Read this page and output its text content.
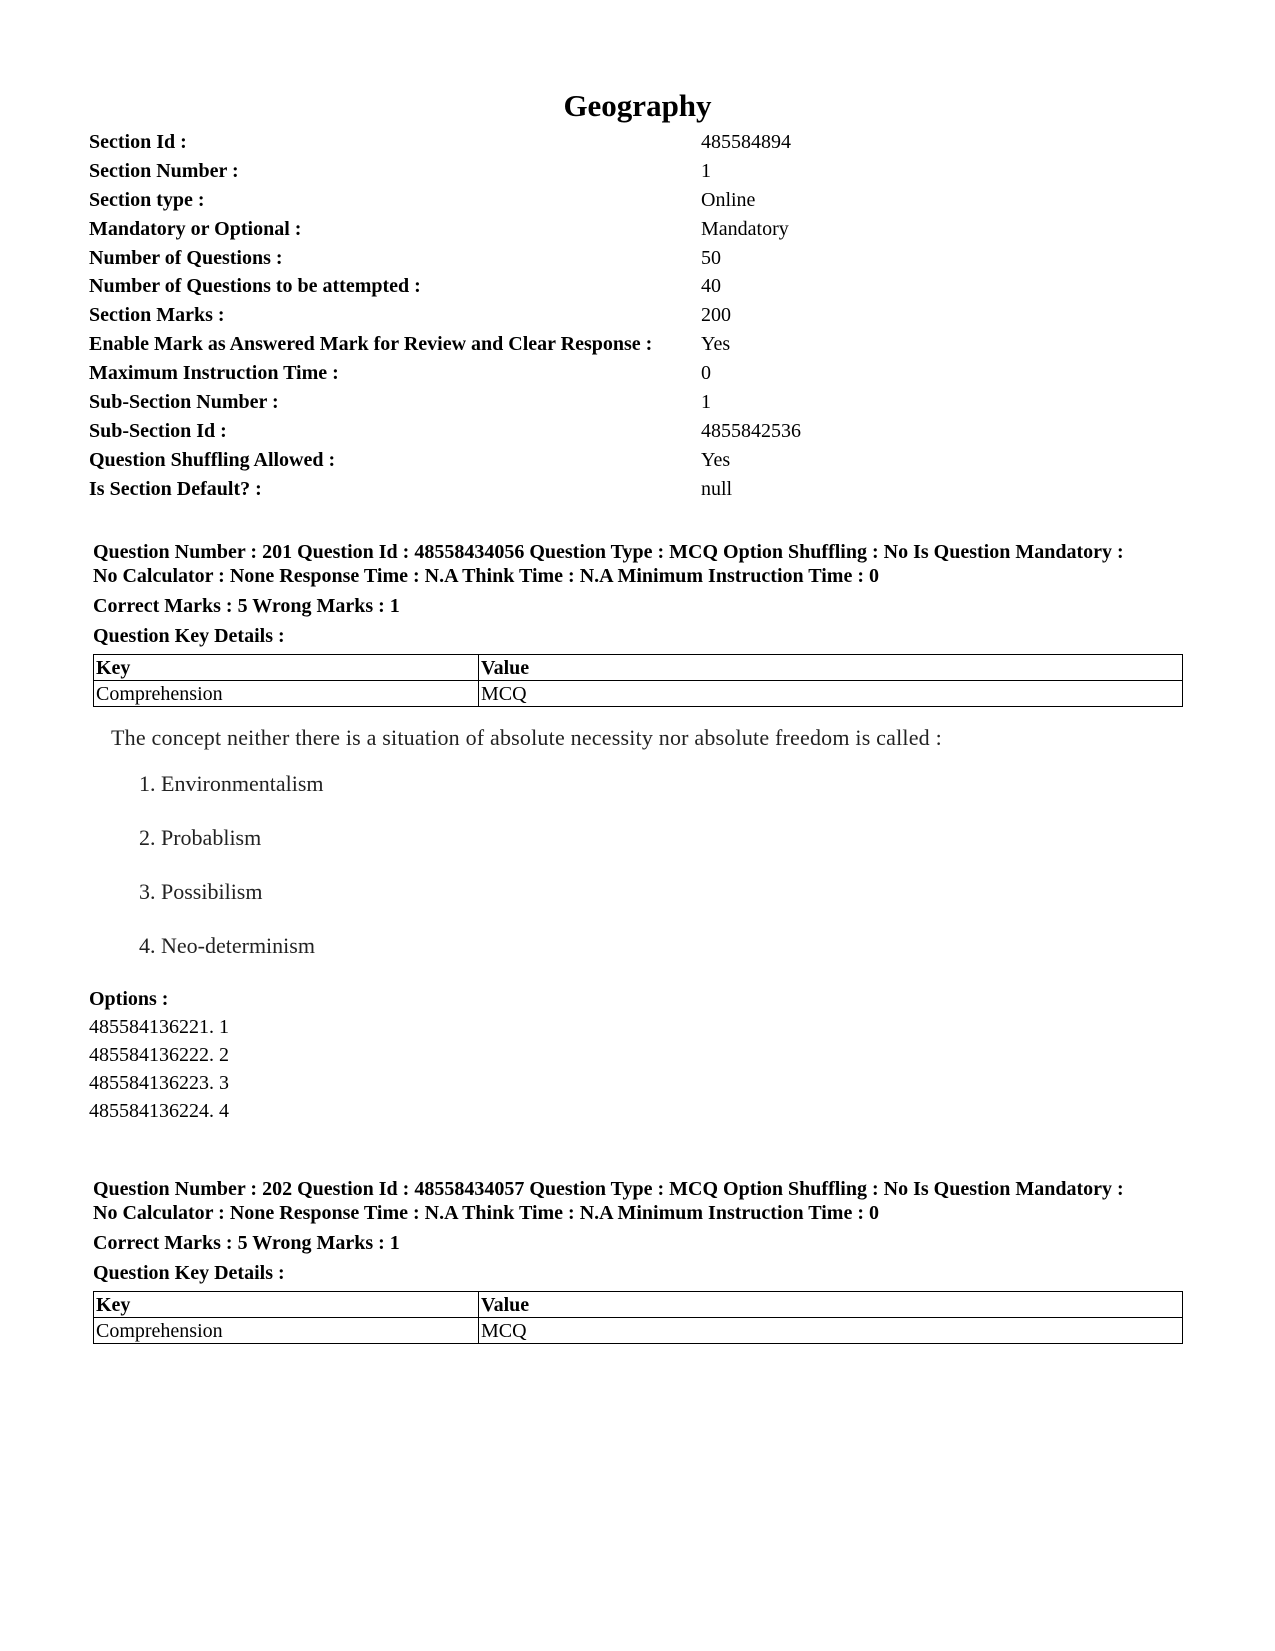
Geography
Section Id :	485584894
Section Number :	1
Section type :	Online
Mandatory or Optional :	Mandatory
Number of Questions :	50
Number of Questions to be attempted :	40
Section Marks :	200
Enable Mark as Answered Mark for Review and Clear Response :	Yes
Maximum Instruction Time :	0
Sub-Section Number :	1
Sub-Section Id :	4855842536
Question Shuffling Allowed :	Yes
Is Section Default? :	null
Question Number : 201 Question Id : 48558434056 Question Type : MCQ Option Shuffling : No Is Question Mandatory :
No Calculator : None Response Time : N.A Think Time : N.A Minimum Instruction Time : 0
Correct Marks : 5 Wrong Marks : 1
Question Key Details :
Key	Value
Comprehension	MCQ
The concept neither there is a situation of absolute necessity nor absolute freedom is called :
1. Environmentalism
2. Probablism
3. Possibilism
4. Neo-determinism
Options :
485584136221. 1
485584136222. 2
485584136223. 3
485584136224. 4
Question Number : 202 Question Id : 48558434057 Question Type : MCQ Option Shuffling : No Is Question Mandatory :
No Calculator : None Response Time : N.A Think Time : N.A Minimum Instruction Time : 0
Correct Marks : 5 Wrong Marks : 1
Question Key Details :
Key	Value
Comprehension	MCQ
